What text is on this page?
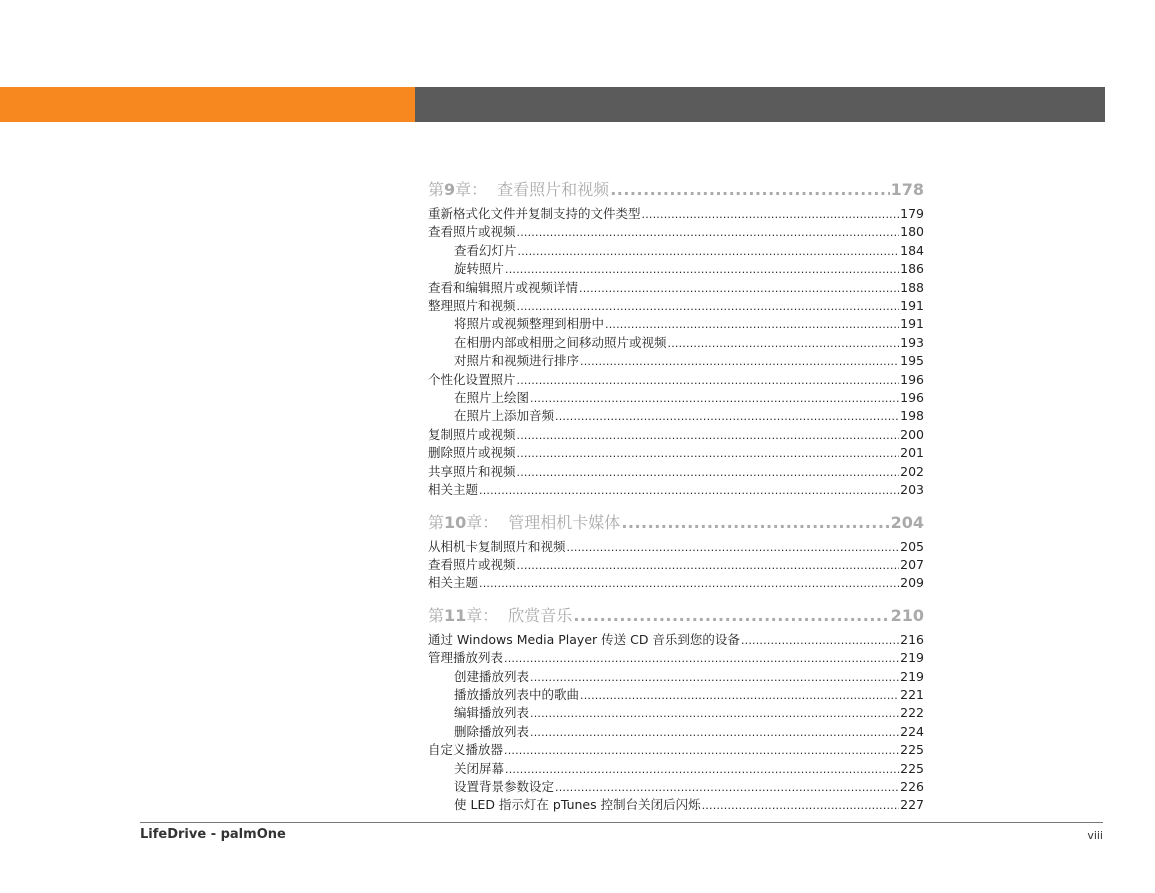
第 9 章： 查看照片和视频 .....	178
重新格式化文件并复制支持的文件类型 .....	179
查看照片或视频 .....	180
查看幻灯片 .....	184
旋转照片 .....	186
查看和编辑照片或视频详情 .....	188
整理照片和视频 .....	191
将照片或视频整理到相册中 .....	191
在相册内部或相册之间移动照片或视频 .....	193
对照片和视频进行排序 .....	195
个性化设置照片 .....	196
在照片上绘图 .....	196
在照片上添加音频 .....	198
复制照片或视频 .....	200
删除照片或视频 .....	201
共享照片和视频 .....	202
相关主题 .....	203
第 10 章： 管理相机卡媒体 .....	204
从相机卡复制照片和视频 .....	205
查看照片或视频 .....	207
相关主题 .....	209
第 11 章： 欣赏音乐 .....	210
通过 Windows Media Player 传送 CD 音乐到您的设备 .....	216
管理播放列表 .....	219
创建播放列表 .....	219
播放播放列表中的歌曲 .....	221
编辑播放列表 .....	222
删除播放列表 .....	224
自定义播放器 .....	225
关闭屏幕 .....	225
设置背景参数设定 .....	226
使 LED 指示灯在 pTunes 控制台关闭后闪烁 .....	227
LifeDrive - palmOne	viii
